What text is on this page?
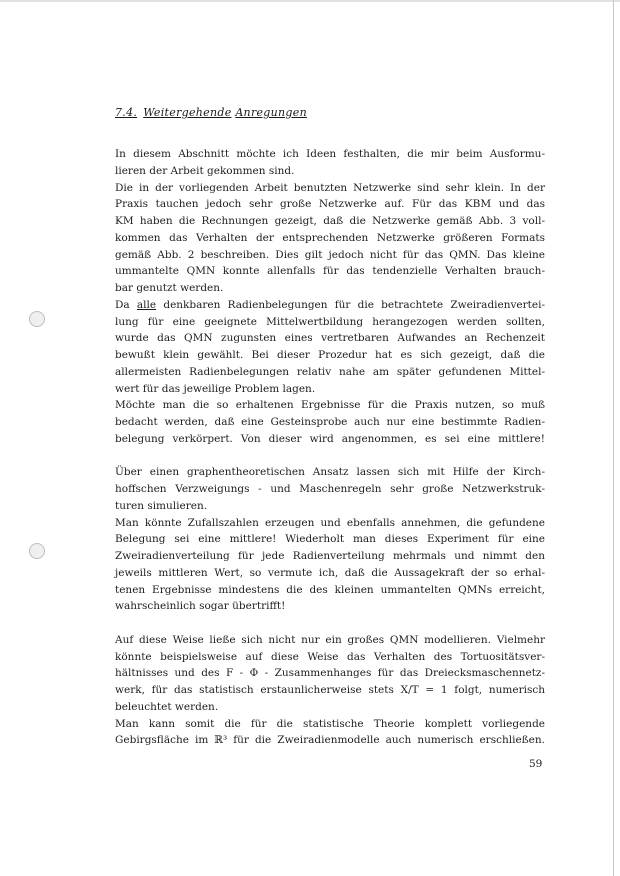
7.4. Weitergehende Anregungen
In diesem Abschnitt möchte ich Ideen festhalten, die mir beim Ausformu-
lieren der Arbeit gekommen sind.
Die in der vorliegenden Arbeit benutzten Netzwerke sind sehr klein. In der
Praxis tauchen jedoch sehr große Netzwerke auf. Für das KBM und das
KM haben die Rechnungen gezeigt, daß die Netzwerke gemäß Abb. 3 voll-
kommen das Verhalten der entsprechenden Netzwerke größeren Formats
gemäß Abb. 2 beschreiben. Dies gilt jedoch nicht für das QMN. Das kleine
ummantelte QMN konnte allenfalls für das tendenzielle Verhalten brauch-
bar genutzt werden.
Da alle denkbaren Radienbelegungen für die betrachtete Zweiradienvertei-
lung für eine geeignete Mittelwertbildung herangezogen werden sollten,
wurde das QMN zugunsten eines vertretbaren Aufwandes an Rechenzeit
bewußt klein gewählt. Bei dieser Prozedur hat es sich gezeigt, daß die
allermeisten Radienbelegungen relativ nahe am später gefundenen Mittel-
wert für das jeweilige Problem lagen.
Möchte man die so erhaltenen Ergebnisse für die Praxis nutzen, so muß
bedacht werden, daß eine Gesteinsprobe auch nur eine bestimmte Radien-
belegung verkörpert. Von dieser wird angenommen, es sei eine mittlere!
Über einen graphentheoretischen Ansatz lassen sich mit Hilfe der Kirch-
hoffschen Verzweigungs - und Maschenregeln sehr große Netzwerkstruk-
turen simulieren.
Man könnte Zufallszahlen erzeugen und ebenfalls annehmen, die gefundene
Belegung sei eine mittlere! Wiederholt man dieses Experiment für eine
Zweiradienverteilung für jede Radienverteilung mehrmals und nimmt den
jeweils mittleren Wert, so vermute ich, daß die Aussagekraft der so erhal-
tenen Ergebnisse mindestens die des kleinen ummantelten QMNs erreicht,
wahrscheinlich sogar übertrifft!
Auf diese Weise ließe sich nicht nur ein großes QMN modellieren. Vielmehr
könnte beispielsweise auf diese Weise das Verhalten des Tortuositätsver-
hältnisses und des F - Φ - Zusammenhanges für das Dreiecksmaschennetz-
werk, für das statistisch erstaunlicherweise stets X/T = 1 folgt, numerisch
beleuchtet werden.
Man kann somit die für die statistische Theorie komplett vorliegende
Gebirgsfläche im ℝ³ für die Zweiradienmodelle auch numerisch erschließen.
59
